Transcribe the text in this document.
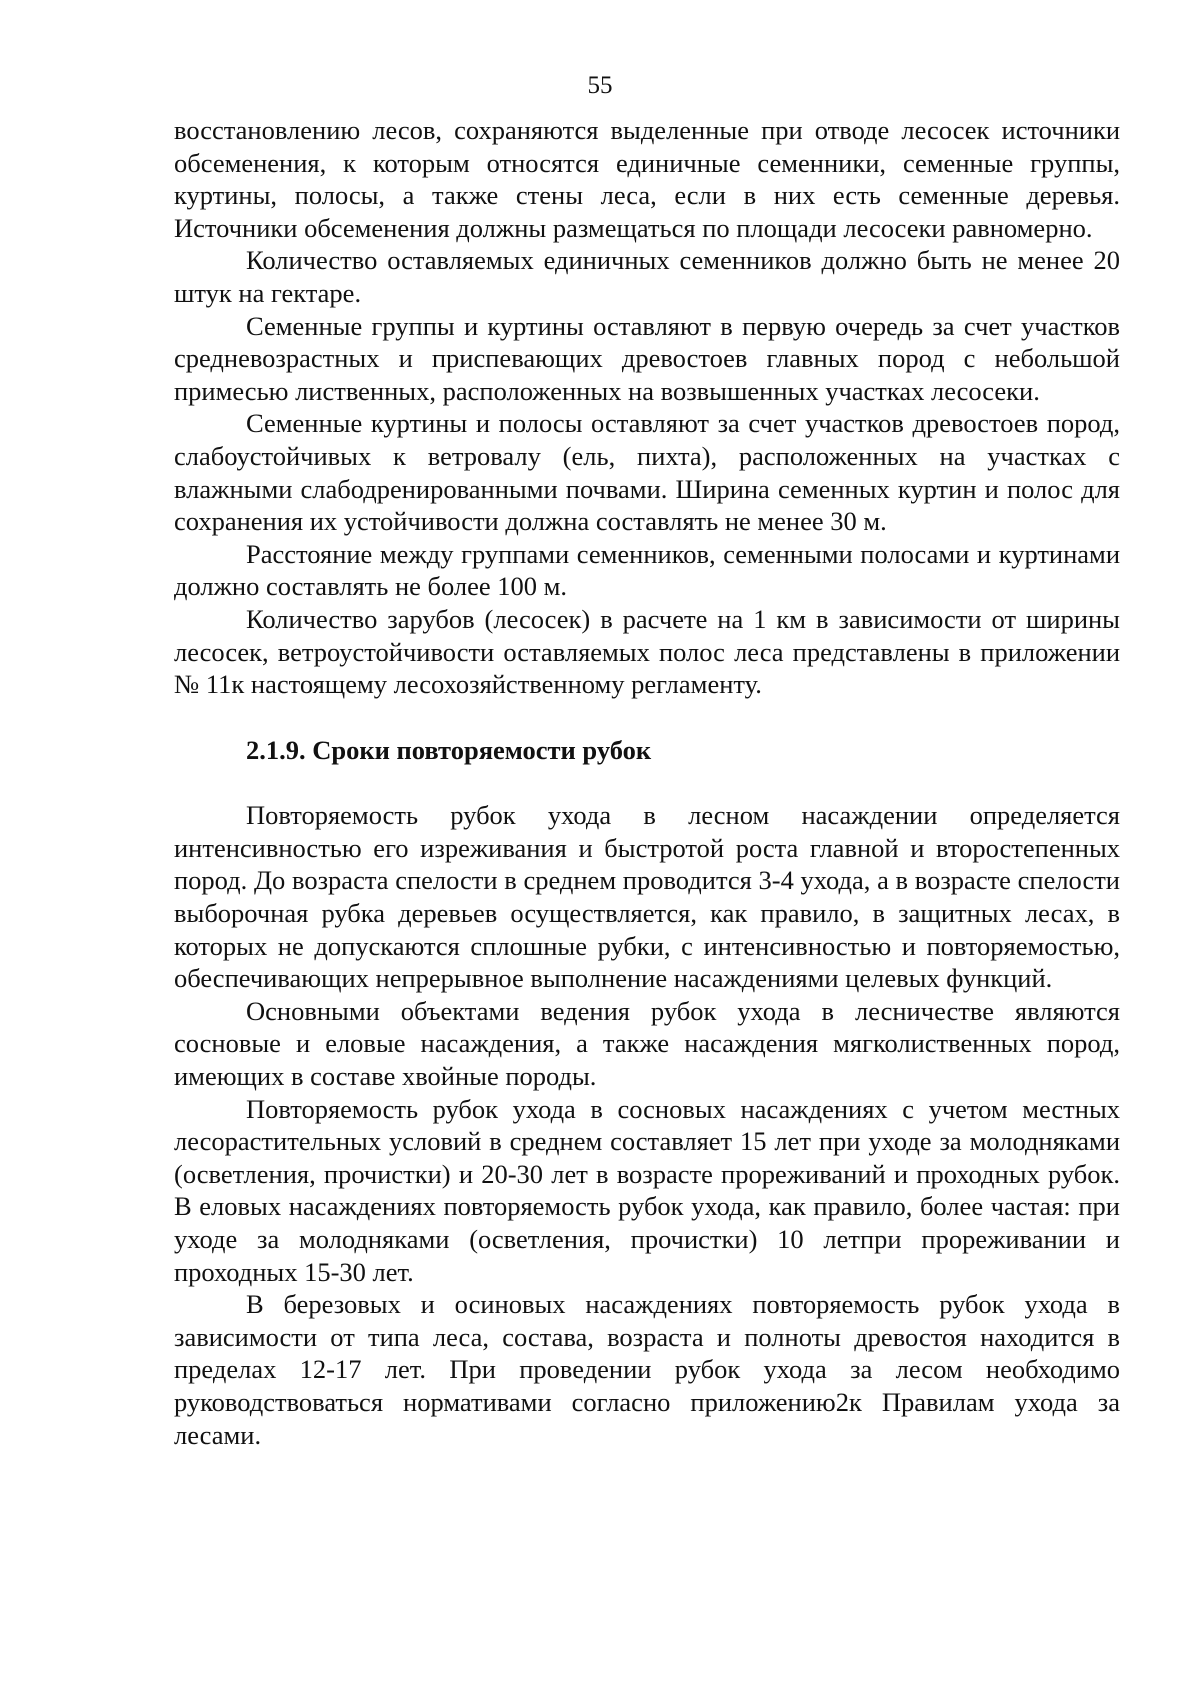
55

восстановлению лесов, сохраняются выделенные при отводе лесосек источники обсеменения, к которым относятся единичные семенники, семенные группы, куртины, полосы, а также стены леса, если в них есть семенные деревья. Источники обсеменения должны размещаться по площади лесосеки равномерно.

Количество оставляемых единичных семенников должно быть не менее 20 штук на гектаре.

Семенные группы и куртины оставляют в первую очередь за счет участков средневозрастных и приспевающих древостоев главных пород с небольшой примесью лиственных, расположенных на возвышенных участках лесосеки.

Семенные куртины и полосы оставляют за счет участков древостоев пород, слабоустойчивых к ветровалу (ель, пихта), расположенных на участках с влажными слабодренированными почвами. Ширина семенных куртин и полос для сохранения их устойчивости должна составлять не менее 30 м.

Расстояние между группами семенников, семенными полосами и куртинами должно составлять не более 100 м.

Количество зарубов (лесосек) в расчете на 1 км в зависимости от ширины лесосек, ветроустойчивости оставляемых полос леса представлены в приложении № 11к настоящему лесохозяйственному регламенту.

2.1.9. Сроки повторяемости рубок

Повторяемость рубок ухода в лесном насаждении определяется интенсивностью его изреживания и быстротой роста главной и второстепенных пород. До возраста спелости в среднем проводится 3-4 ухода, а в возрасте спелости выборочная рубка деревьев осуществляется, как правило, в защитных лесах, в которых не допускаются сплошные рубки, с интенсивностью и повторяемостью, обеспечивающих непрерывное выполнение насаждениями целевых функций.

Основными объектами ведения рубок ухода в лесничестве являются сосновые и еловые насаждения, а также насаждения мягколиственных пород, имеющих в составе хвойные породы.

Повторяемость рубок ухода в сосновых насаждениях с учетом местных лесорастительных условий в среднем составляет 15 лет при уходе за молодняками (осветления, прочистки) и 20-30 лет в возрасте прореживаний и проходных рубок. В еловых насаждениях повторяемость рубок ухода, как правило, более частая: при уходе за молодняками (осветления, прочистки) 10 летпри прореживании и проходных 15-30 лет.

В березовых и осиновых насаждениях повторяемость рубок ухода в зависимости от типа леса, состава, возраста и полноты древостоя находится в пределах 12-17 лет. При проведении рубок ухода за лесом необходимо руководствоваться нормативами согласно приложению2к Правилам ухода за лесами.
